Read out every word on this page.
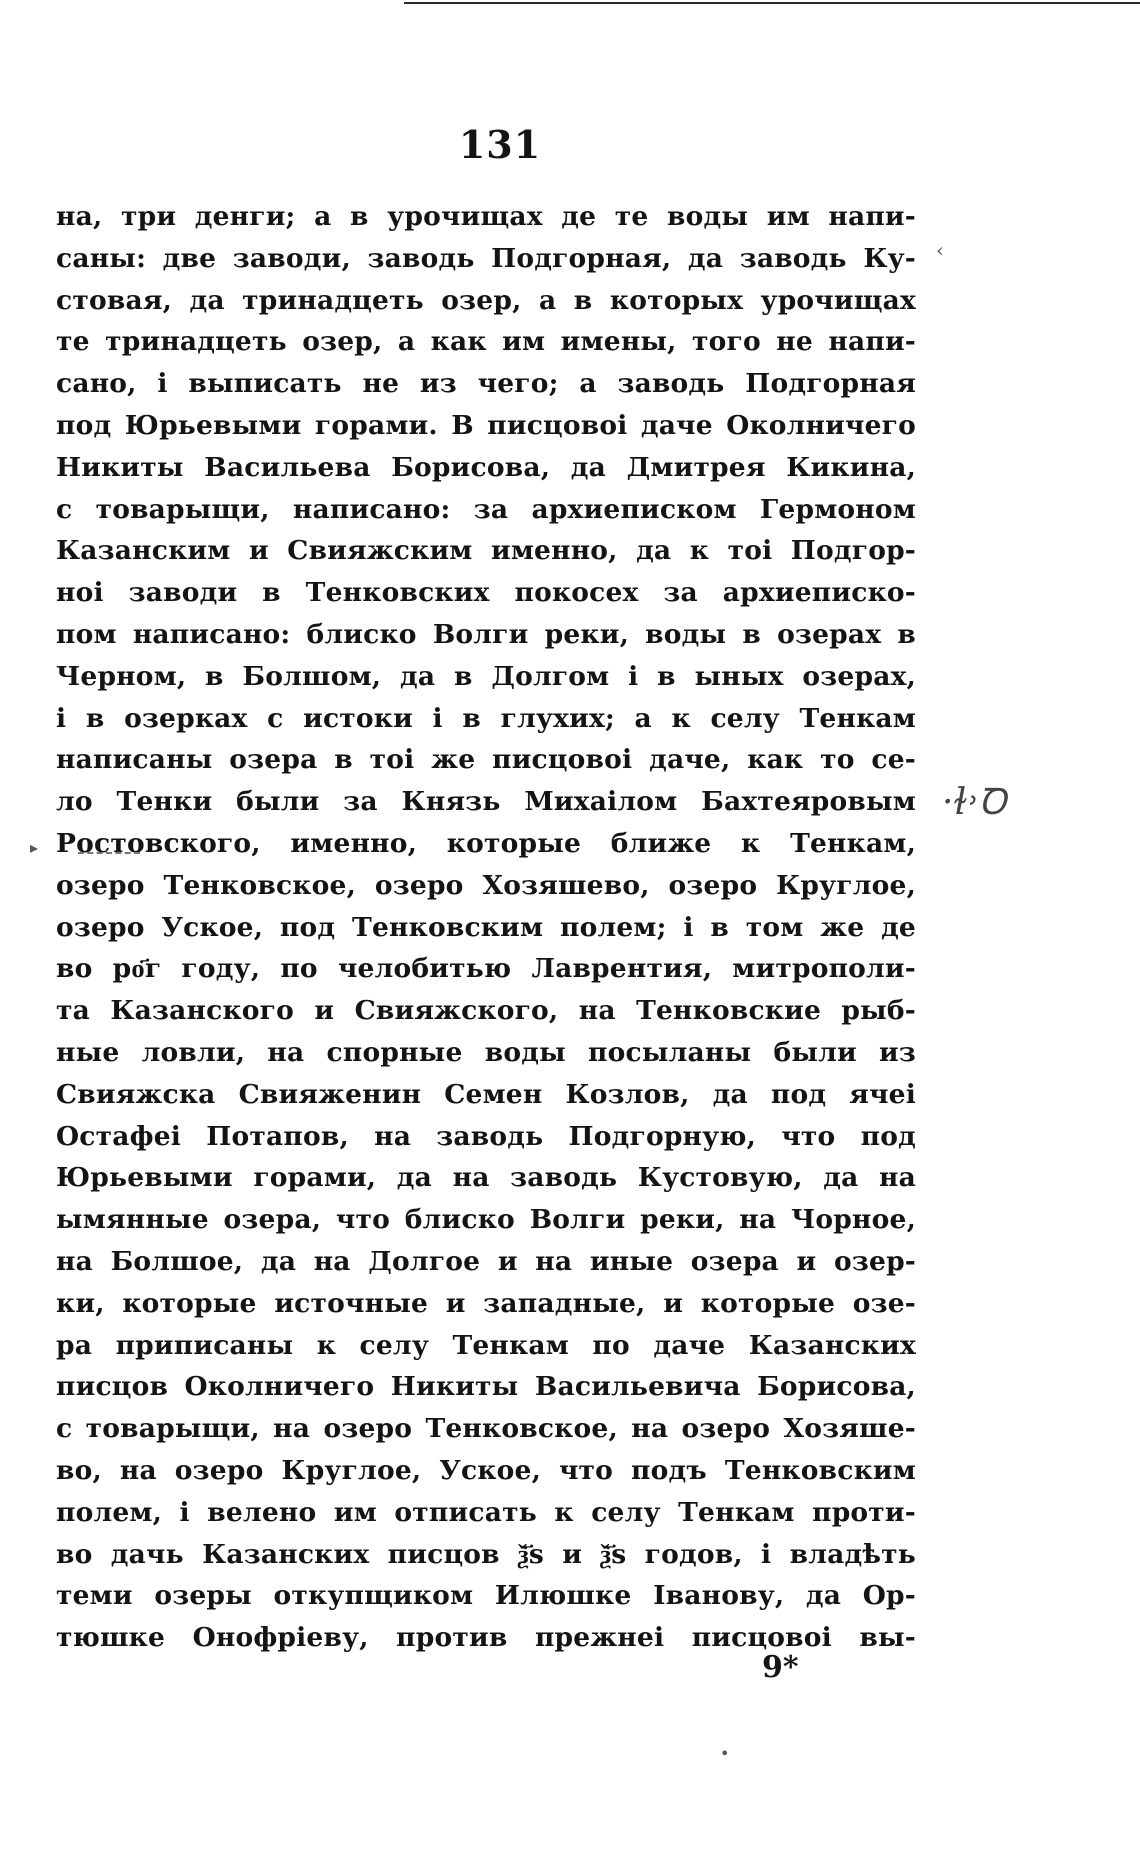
131
на, три денги; а в урочищах де те воды им напи-
саны: две заводи, заводь Подгорная, да заводь Ку-
стовая, да тринадцеть озер, а в которых урочищах
те тринадцеть озер, а как им имены, того не напи-
сано, і выписать не из чего; а заводь Подгорная
под Юрьевыми горами. В писцовоі даче Околничего
Никиты Васильева Борисова, да Дмитрея Кикина,
с товарыщи, написано: за архиеписком Гермоном
Казанским и Свияжским именно, да к тоі Подгор-
ноі заводи в Тенковских покосех за архиеписко-
пом написано: блиско Волги реки, воды в озерах в
Черном, в Болшом, да в Долгом і в ыных озерах,
і в озерках с истоки і в глухих; а к селу Тенкам
написаны озера в тоі же писцовоі даче, как то се-
ло Тенки были за Князь Михаілом Бахтеяровым
Ростовского, именно, которые ближе к Тенкам,
озеро Тенковское, озеро Хозяшево, озеро Круглое,
озеро Уское, под Тенковским полем; і в том же де
во ро҃г году, по челобитью Лаврентия, митрополи-
та Казанского и Свияжского, на Тенковские рыб-
ные ловли, на спорные воды посыланы были из
Свияжска Свияженин Семен Козлов, да под ячеі
Остафеі Потапов, на заводь Подгорную, что под
Юрьевыми горами, да на заводь Кустовую, да на
ымянные озера, что блиско Волги реки, на Чорное,
на Болшое, да на Долгое и на иные озера и озер-
ки, которые источные и западные, и которые озе-
ра приписаны к селу Тенкам по даче Казанских
писцов Околничего Никиты Васильевича Борисова,
с товарыщи, на озеро Тенковское, на озеро Хозяше-
во, на озеро Круглое, Уское, что подъ Тенковским
полем, і велено им отписать к селу Тенкам проти-
во дачь Казанских писцов ѯ҃ѕ и ѯ҃ѕ годов, і владѣть
теми озеры откупщиком Илюшке Іванову, да Ор-
тюшке Онофріеву, против прежнеі писцовоі вы-
9*
‹
·ɫ˒Ꝺ
▸
•
